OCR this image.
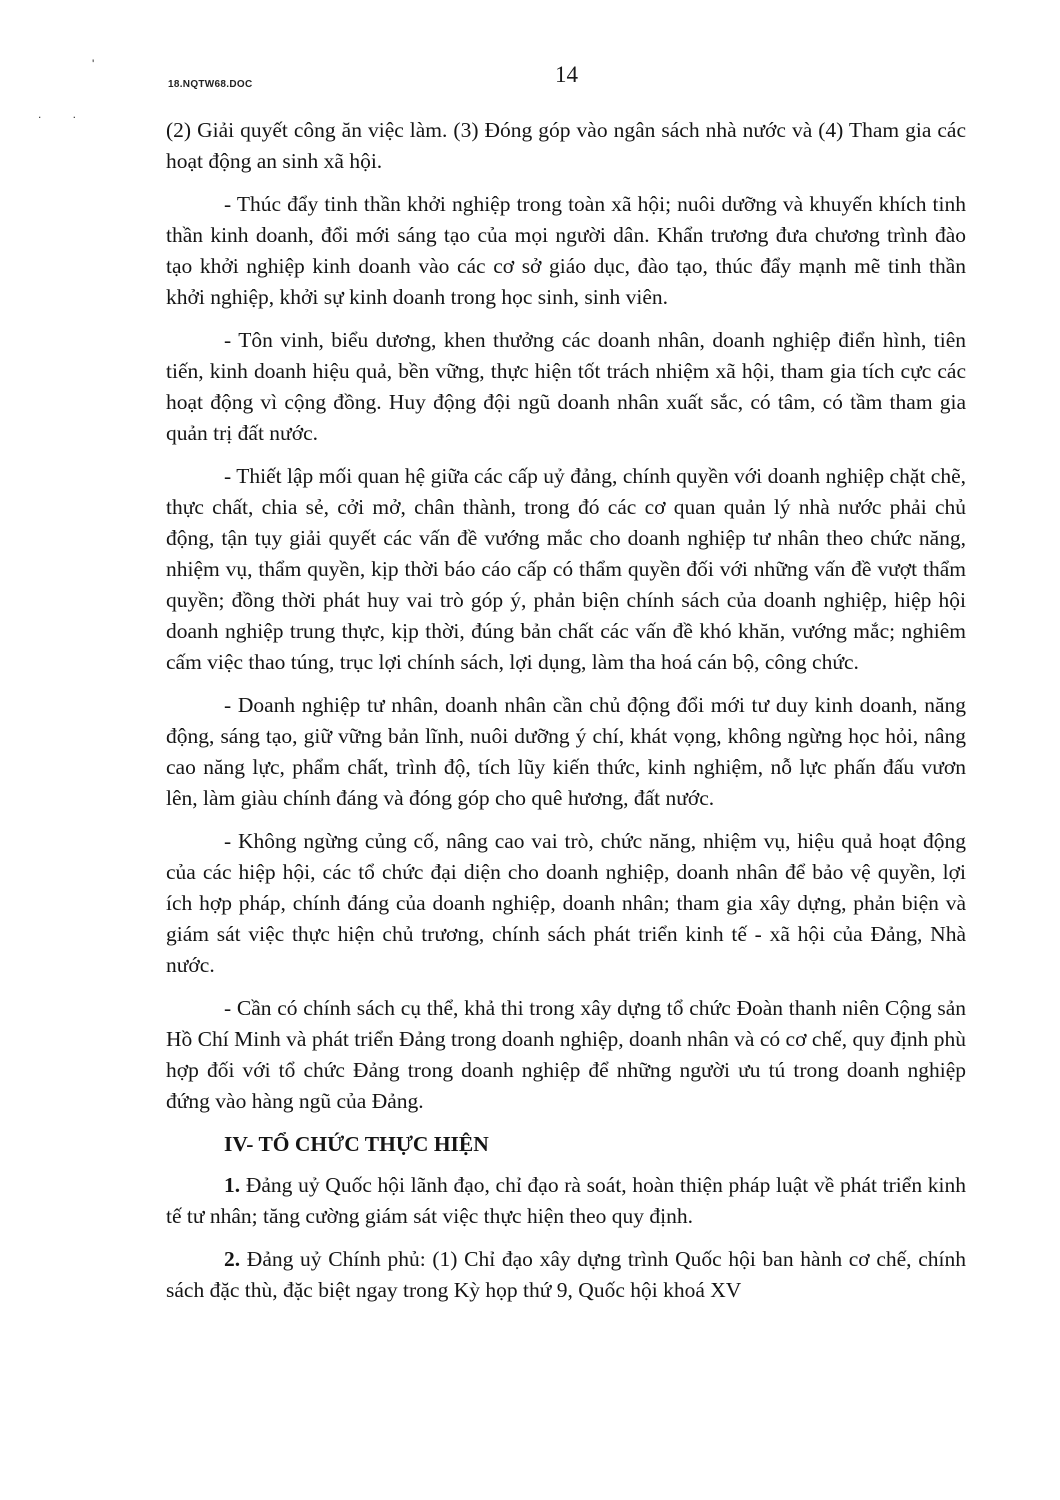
'
. .
18.NQTW68.DOC	14

(2) Giải quyết công ăn việc làm. (3) Đóng góp vào ngân sách nhà nước và (4) Tham gia các hoạt động an sinh xã hội.

- Thúc đẩy tinh thần khởi nghiệp trong toàn xã hội; nuôi dưỡng và khuyến khích tinh thần kinh doanh, đổi mới sáng tạo của mọi người dân. Khẩn trương đưa chương trình đào tạo khởi nghiệp kinh doanh vào các cơ sở giáo dục, đào tạo, thúc đẩy mạnh mẽ tinh thần khởi nghiệp, khởi sự kinh doanh trong học sinh, sinh viên.

- Tôn vinh, biểu dương, khen thưởng các doanh nhân, doanh nghiệp điển hình, tiên tiến, kinh doanh hiệu quả, bền vững, thực hiện tốt trách nhiệm xã hội, tham gia tích cực các hoạt động vì cộng đồng. Huy động đội ngũ doanh nhân xuất sắc, có tâm, có tầm tham gia quản trị đất nước.

- Thiết lập mối quan hệ giữa các cấp uỷ đảng, chính quyền với doanh nghiệp chặt chẽ, thực chất, chia sẻ, cởi mở, chân thành, trong đó các cơ quan quản lý nhà nước phải chủ động, tận tụy giải quyết các vấn đề vướng mắc cho doanh nghiệp tư nhân theo chức năng, nhiệm vụ, thẩm quyền, kịp thời báo cáo cấp có thẩm quyền đối với những vấn đề vượt thẩm quyền; đồng thời phát huy vai trò góp ý, phản biện chính sách của doanh nghiệp, hiệp hội doanh nghiệp trung thực, kịp thời, đúng bản chất các vấn đề khó khăn, vướng mắc; nghiêm cấm việc thao túng, trục lợi chính sách, lợi dụng, làm tha hoá cán bộ, công chức.

- Doanh nghiệp tư nhân, doanh nhân cần chủ động đổi mới tư duy kinh doanh, năng động, sáng tạo, giữ vững bản lĩnh, nuôi dưỡng ý chí, khát vọng, không ngừng học hỏi, nâng cao năng lực, phẩm chất, trình độ, tích lũy kiến thức, kinh nghiệm, nỗ lực phấn đấu vươn lên, làm giàu chính đáng và đóng góp cho quê hương, đất nước.

- Không ngừng củng cố, nâng cao vai trò, chức năng, nhiệm vụ, hiệu quả hoạt động của các hiệp hội, các tổ chức đại diện cho doanh nghiệp, doanh nhân để bảo vệ quyền, lợi ích hợp pháp, chính đáng của doanh nghiệp, doanh nhân; tham gia xây dựng, phản biện và giám sát việc thực hiện chủ trương, chính sách phát triển kinh tế - xã hội của Đảng, Nhà nước.

- Cần có chính sách cụ thể, khả thi trong xây dựng tổ chức Đoàn thanh niên Cộng sản Hồ Chí Minh và phát triển Đảng trong doanh nghiệp, doanh nhân và có cơ chế, quy định phù hợp đối với tổ chức Đảng trong doanh nghiệp để những người ưu tú trong doanh nghiệp đứng vào hàng ngũ của Đảng.

IV- TỔ CHỨC THỰC HIỆN

1. Đảng uỷ Quốc hội lãnh đạo, chỉ đạo rà soát, hoàn thiện pháp luật về phát triển kinh tế tư nhân; tăng cường giám sát việc thực hiện theo quy định.

2. Đảng uỷ Chính phủ: (1) Chỉ đạo xây dựng trình Quốc hội ban hành cơ chế, chính sách đặc thù, đặc biệt ngay trong Kỳ họp thứ 9, Quốc hội khoá XV
